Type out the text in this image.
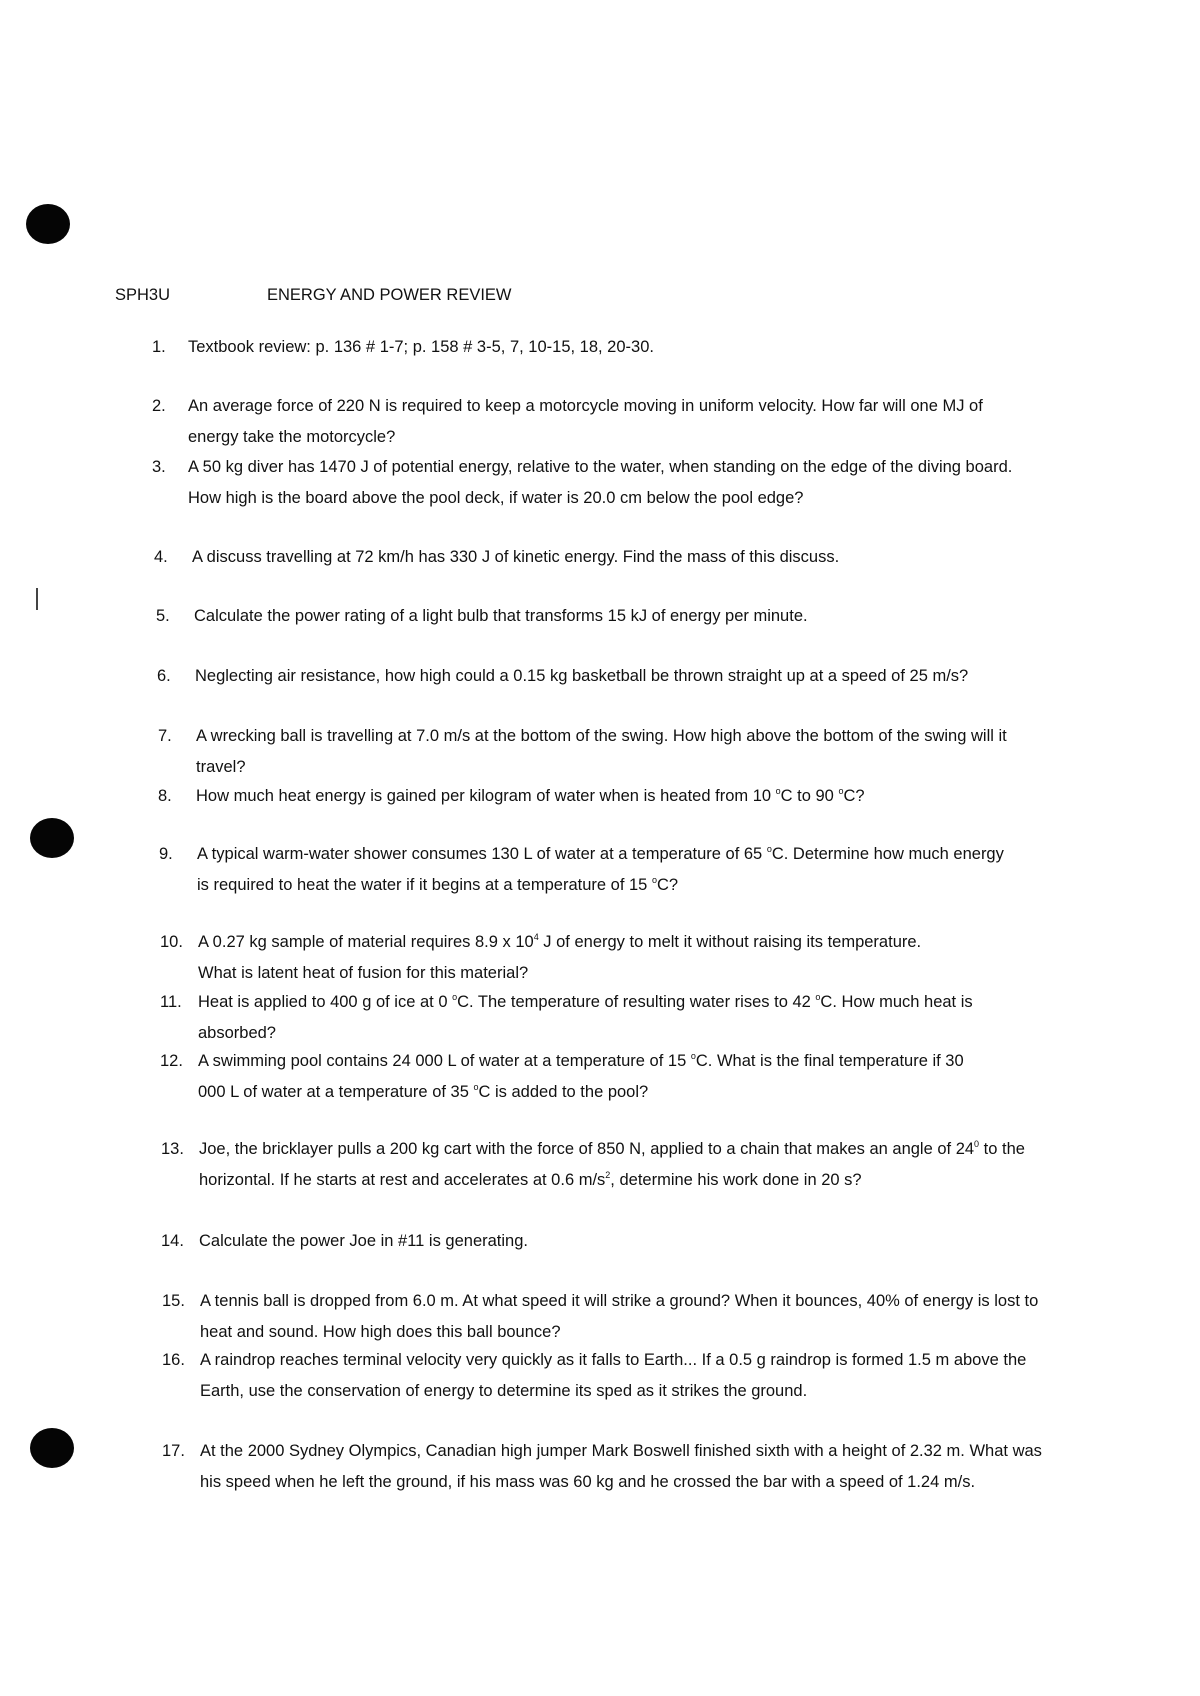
SPH3U	ENERGY AND POWER REVIEW
1.	Textbook review: p. 136 # 1-7; p. 158 # 3-5, 7, 10-15, 18, 20-30.
2.	An average force of 220 N is required to keep a motorcycle moving in uniform velocity. How far will one MJ of energy take the motorcycle?
3.	A 50 kg diver has 1470 J of potential energy, relative to the water, when standing on the edge of the diving board. How high is the board above the pool deck, if water is 20.0 cm below the pool edge?
4.	A discuss travelling at 72 km/h has 330 J of kinetic energy. Find the mass of this discuss.
5.	Calculate the power rating of a light bulb that transforms 15 kJ of energy per minute.
6.	Neglecting air resistance, how high could a 0.15 kg basketball be thrown straight up at a speed of 25 m/s?
7.	A wrecking ball is travelling at 7.0 m/s at the bottom of the swing. How high above the bottom of the swing will it travel?
8.	How much heat energy is gained per kilogram of water when is heated from 10 $^o$C to 90 $^o$C?
9.	A typical warm-water shower consumes 130 L of water at a temperature of 65 $^o$C. Determine how much energy is required to heat the water if it begins at a temperature of 15 $^o$C?
10. A 0.27 kg sample of material requires 8.9 x $10^4$ J of energy to melt it without raising its temperature. What is latent heat of fusion for this material?
11. Heat is applied to 400 g of ice at 0 $^o$C. The temperature of resulting water rises to 42 $^o$C. How much heat is absorbed?
12. A swimming pool contains 24 000 L of water at a temperature of 15 $^o$C. What is the final temperature if 30 000 L of water at a temperature of 35 $^o$C is added to the pool?
13. Joe, the bricklayer pulls a 200 kg cart with the force of 850 N, applied to a chain that makes an angle of $24^0$ to the horizontal. If he starts at rest and accelerates at 0.6 $m/s^2$, determine his work done in 20 s?
14. Calculate the power Joe in #11 is generating.
15. A tennis ball is dropped from 6.0 m. At what speed it will strike a ground? When it bounces, 40% of energy is lost to heat and sound. How high does this ball bounce?
16. A raindrop reaches terminal velocity very quickly as it falls to Earth... If a 0.5 g raindrop is formed 1.5 m above the Earth, use the conservation of energy to determine its sped as it strikes the ground.
17. At the 2000 Sydney Olympics, Canadian high jumper Mark Boswell finished sixth with a height of 2.32 m. What was his speed when he left the ground, if his mass was 60 kg and he crossed the bar with a speed of 1.24 m/s.
